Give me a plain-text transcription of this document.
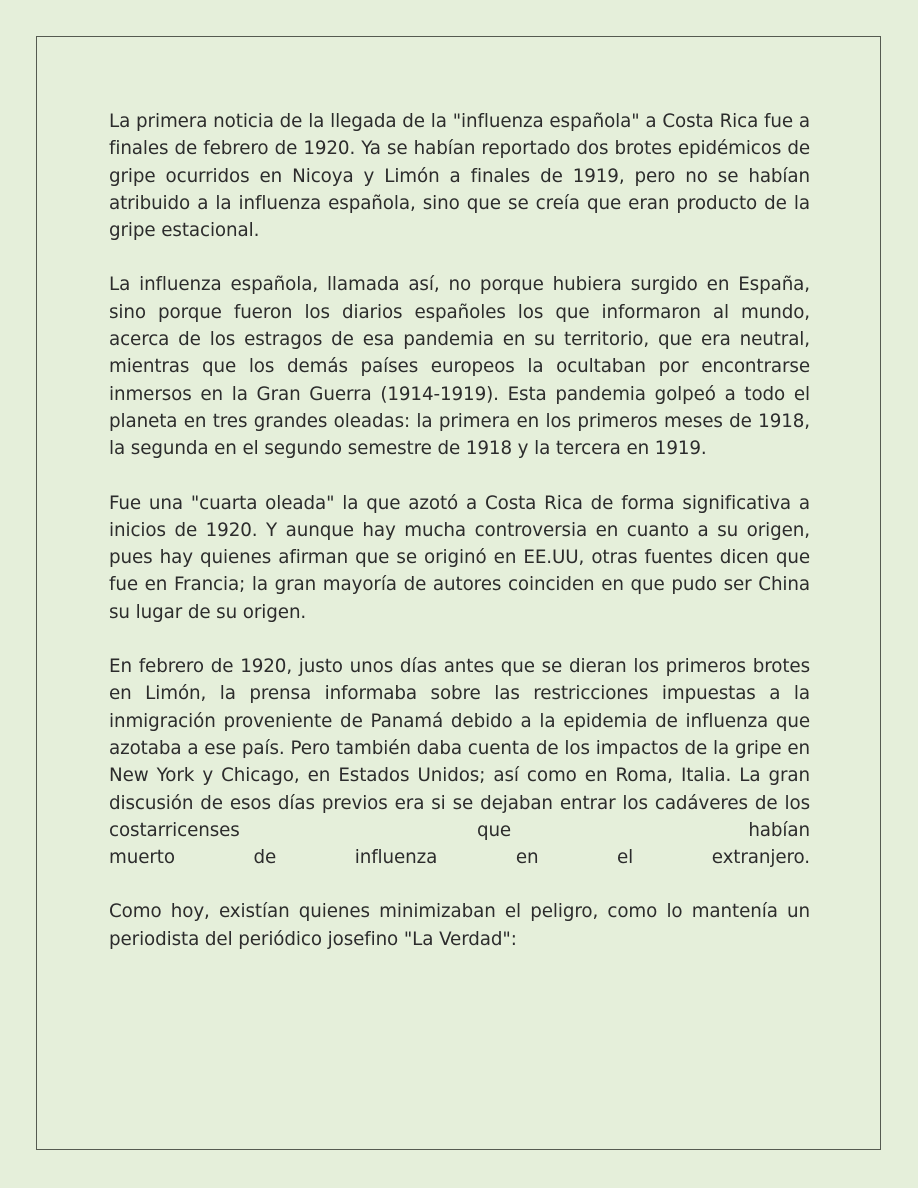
La primera noticia de la llegada de la "influenza española" a Costa Rica fue a finales de febrero de 1920. Ya se habían reportado dos brotes epidémicos de gripe ocurridos en Nicoya y Limón a finales de 1919, pero no se habían atribuido a la influenza española, sino que se creía que eran producto de la gripe estacional.

La influenza española, llamada así, no porque hubiera surgido en España, sino porque fueron los diarios españoles los que informaron al mundo, acerca de los estragos de esa pandemia en su territorio, que era neutral, mientras que los demás países europeos la ocultaban por encontrarse inmersos en la Gran Guerra (1914-1919). Esta pandemia golpeó a todo el planeta en tres grandes oleadas: la primera en los primeros meses de 1918, la segunda en el segundo semestre de 1918 y la tercera en 1919.

Fue una "cuarta oleada" la que azotó a Costa Rica de forma significativa a inicios de 1920. Y aunque hay mucha controversia en cuanto a su origen, pues hay quienes afirman que se originó en EE.UU, otras fuentes dicen que fue en Francia; la gran mayoría de autores coinciden en que pudo ser China su lugar de su origen.

En febrero de 1920, justo unos días antes que se dieran los primeros brotes en Limón, la prensa informaba sobre las restricciones impuestas a la inmigración proveniente de Panamá debido a la epidemia de influenza que azotaba a ese país. Pero también daba cuenta de los impactos de la gripe en New York y Chicago, en Estados Unidos; así como en Roma, Italia. La gran discusión de esos días previos era si se dejaban entrar los cadáveres de los costarricenses que habían

muerto	de	influenza	en	el	extranjero.

Como hoy, existían quienes minimizaban el peligro, como lo mantenía un periodista del periódico josefino "La Verdad":
